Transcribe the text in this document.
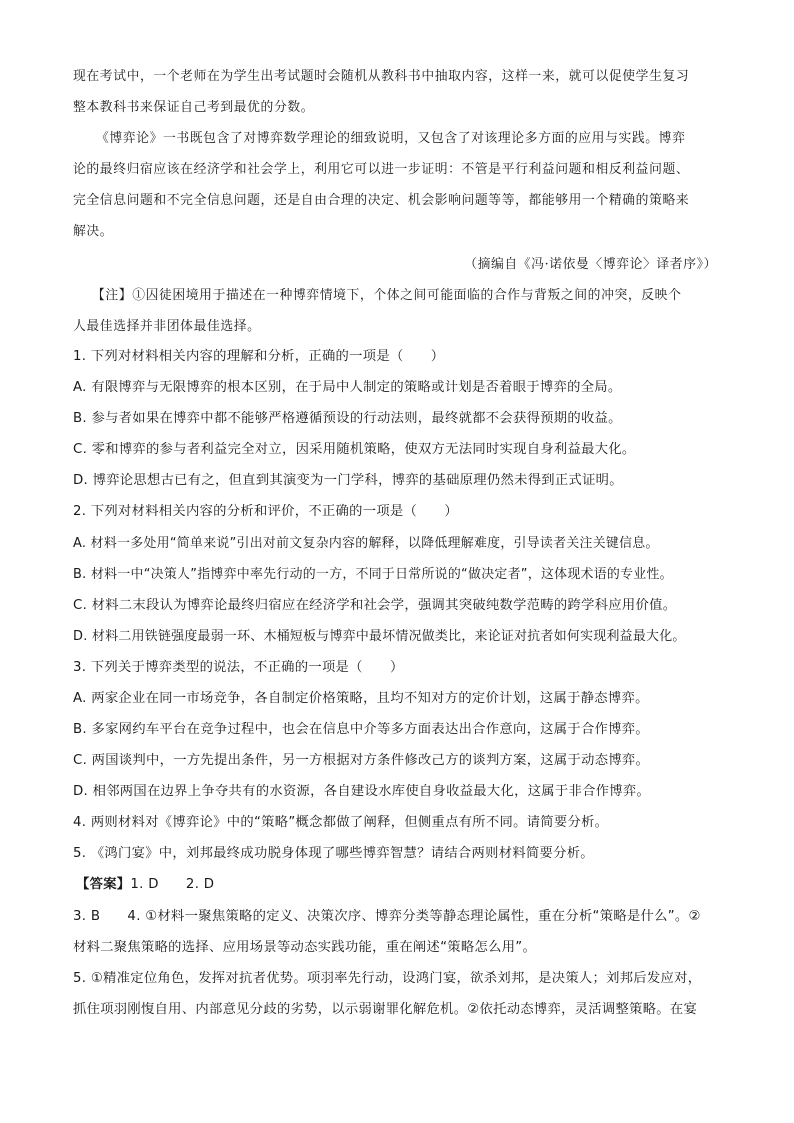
现在考试中，一个老师在为学生出考试题时会随机从教科书中抽取内容，这样一来，就可以促使学生复习
整本教科书来保证自己考到最优的分数。
《博弈论》一书既包含了对博弈数学理论的细致说明，又包含了对该理论多方面的应用与实践。博弈
论的最终归宿应该在经济学和社会学上，利用它可以进一步证明：不管是平行利益问题和相反利益问题、
完全信息问题和不完全信息问题，还是自由合理的决定、机会影响问题等等，都能够用一个精确的策略来
解决。
（摘编自《冯·诺依曼〈博弈论〉译者序》）
【注】①囚徒困境用于描述在一种博弈情境下，个体之间可能面临的合作与背叛之间的冲突，反映个
人最佳选择并非团体最佳选择。
1. 下列对材料相关内容的理解和分析，正确的一项是（　　）
A. 有限博弈与无限博弈的根本区别，在于局中人制定的策略或计划是否着眼于博弈的全局。
B. 参与者如果在博弈中都不能够严格遵循预设的行动法则，最终就都不会获得预期的收益。
C. 零和博弈的参与者利益完全对立，因采用随机策略，使双方无法同时实现自身利益最大化。
D. 博弈论思想古已有之，但直到其演变为一门学科，博弈的基础原理仍然未得到正式证明。
2. 下列对材料相关内容的分析和评价，不正确的一项是（　　）
A. 材料一多处用“简单来说”引出对前文复杂内容的解释，以降低理解难度，引导读者关注关键信息。
B. 材料一中“决策人”指博弈中率先行动的一方，不同于日常所说的“做决定者”，这体现术语的专业性。
C. 材料二末段认为博弈论最终归宿应在经济学和社会学，强调其突破纯数学范畴的跨学科应用价值。
D. 材料二用铁链强度最弱一环、木桶短板与博弈中最坏情况做类比，来论证对抗者如何实现利益最大化。
3. 下列关于博弈类型的说法，不正确的一项是（　　）
A. 两家企业在同一市场竞争，各自制定价格策略，且均不知对方的定价计划，这属于静态博弈。
B. 多家网约车平台在竞争过程中，也会在信息中介等多方面表达出合作意向，这属于合作博弈。
C. 两国谈判中，一方先提出条件，另一方根据对方条件修改己方的谈判方案，这属于动态博弈。
D. 相邻两国在边界上争夺共有的水资源，各自建设水库使自身收益最大化，这属于非合作博弈。
4. 两则材料对《博弈论》中的“策略”概念都做了阐释，但侧重点有所不同。请简要分析。
5. 《鸿门宴》中，刘邦最终成功脱身体现了哪些博弈智慧？请结合两则材料简要分析。
【答案】1. D　　2. D
3. B　　4. ①材料一聚焦策略的定义、决策次序、博弈分类等静态理论属性，重在分析“策略是什么”。②
材料二聚焦策略的选择、应用场景等动态实践功能，重在阐述“策略怎么用”。
5. ①精准定位角色，发挥对抗者优势。项羽率先行动，设鸿门宴，欲杀刘邦，是决策人；刘邦后发应对，
抓住项羽刚愎自用、内部意见分歧的劣势，以示弱谢罪化解危机。②依托动态博弈，灵活调整策略。在宴
